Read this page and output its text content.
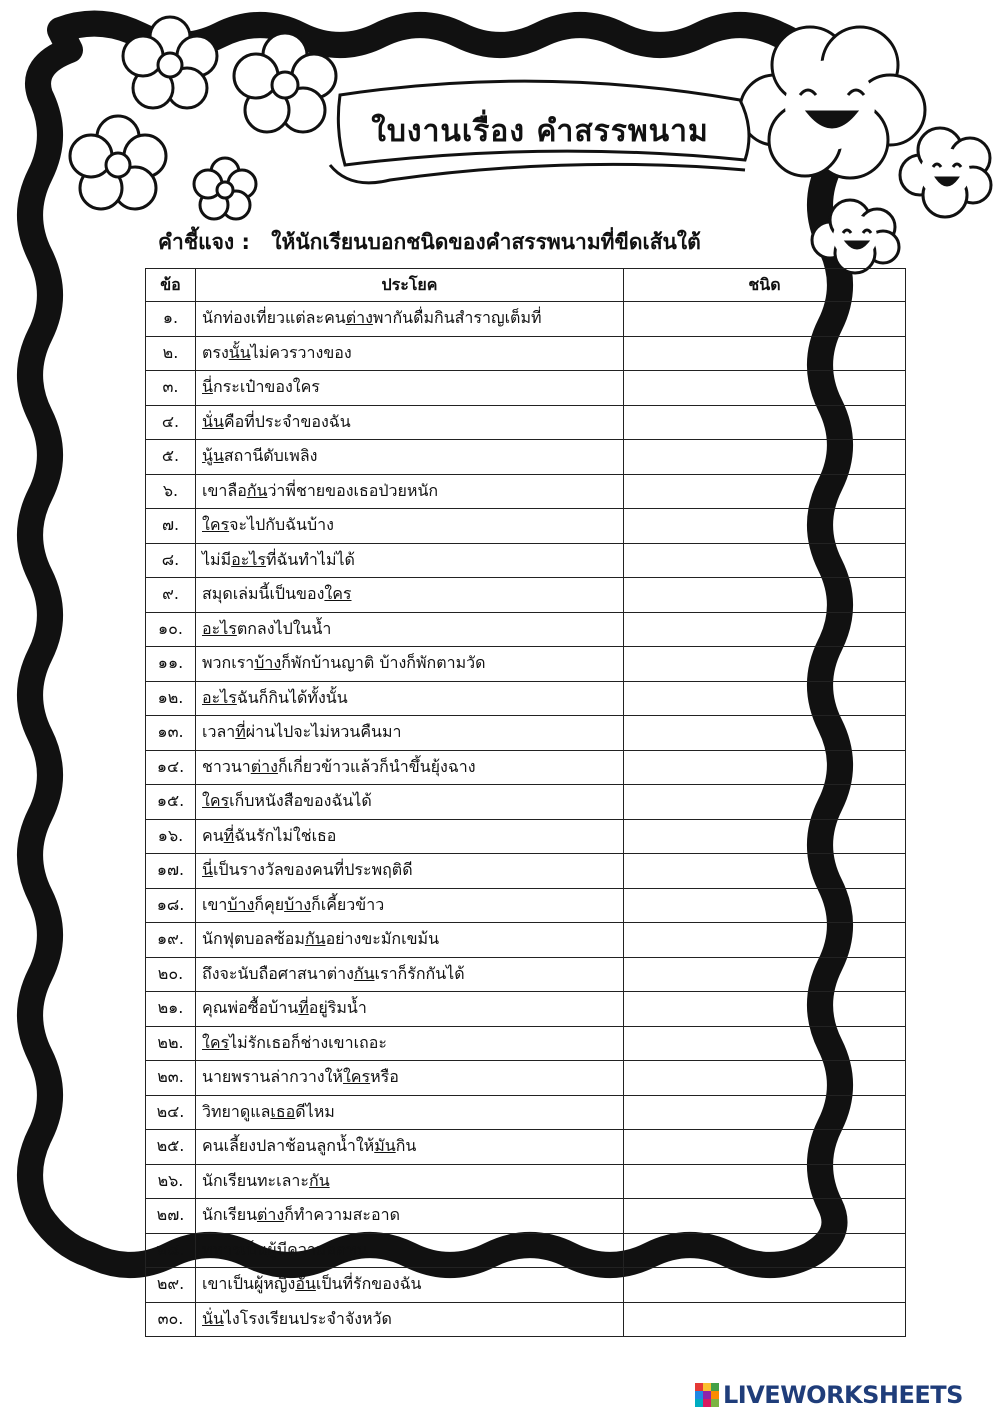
ใบงานเรื่อง คำสรรพนาม
คำชี้แจง : ให้นักเรียนบอกชนิดของคำสรรพนามที่ขีดเส้นใต้
ข้อ	ประโยค	ชนิด
๑.	นักท่องเที่ยวแต่ละคนต่างพากันดื่มกินสำราญเต็มที่	
๒.	ตรงนั้นไม่ควรวางของ	
๓.	นี่กระเป๋าของใคร	
๔.	นั่นคือที่ประจำของฉัน	
๕.	นู้นสถานีดับเพลิง	
๖.	เขาลือกันว่าพี่ชายของเธอป่วยหนัก	
๗.	ใครจะไปกับฉันบ้าง	
๘.	ไม่มีอะไรที่ฉันทำไม่ได้	
๙.	สมุดเล่มนี้เป็นของใคร	
๑๐.	อะไรตกลงไปในน้ำ	
๑๑.	พวกเราบ้างก็พักบ้านญาติ บ้างก็พักตามวัด	
๑๒.	อะไรฉันก็กินได้ทั้งนั้น	
๑๓.	เวลาที่ผ่านไปจะไม่หวนคืนมา	
๑๔.	ชาวนาต่างก็เกี่ยวข้าวแล้วก็นำขึ้นยุ้งฉาง	
๑๕.	ใครเก็บหนังสือของฉันได้	
๑๖.	คนที่ฉันรักไม่ใช่เธอ	
๑๗.	นี่เป็นรางวัลของคนที่ประพฤติดี	
๑๘.	เขาบ้างก็คุยบ้างก็เคี้ยวข้าว	
๑๙.	นักฟุตบอลซ้อมกันอย่างขะมักเขม้น	
๒๐.	ถึงจะนับถือศาสนาต่างกันเราก็รักกันได้	
๒๑.	คุณพ่อซื้อบ้านที่อยู่ริมน้ำ	
๒๒.	ใครไม่รักเธอก็ช่างเขาเถอะ	
๒๓.	นายพรานล่ากวางให้ใครหรือ	
๒๔.	วิทยาดูแลเธอดีไหม	
๒๕.	คนเลี้ยงปลาช้อนลูกน้ำให้มันกิน	
๒๖.	นักเรียนทะเลาะกัน	
๒๗.	นักเรียนต่างก็ทำความสะอาด	
๒๘.	ทหารเป็นผู้มีความอดทน	
๒๙.	เขาเป็นผู้หญิงอันเป็นที่รักของฉัน	
๓๐.	นั่นไงโรงเรียนประจำจังหวัด	
LIVEWORKSHEETS
